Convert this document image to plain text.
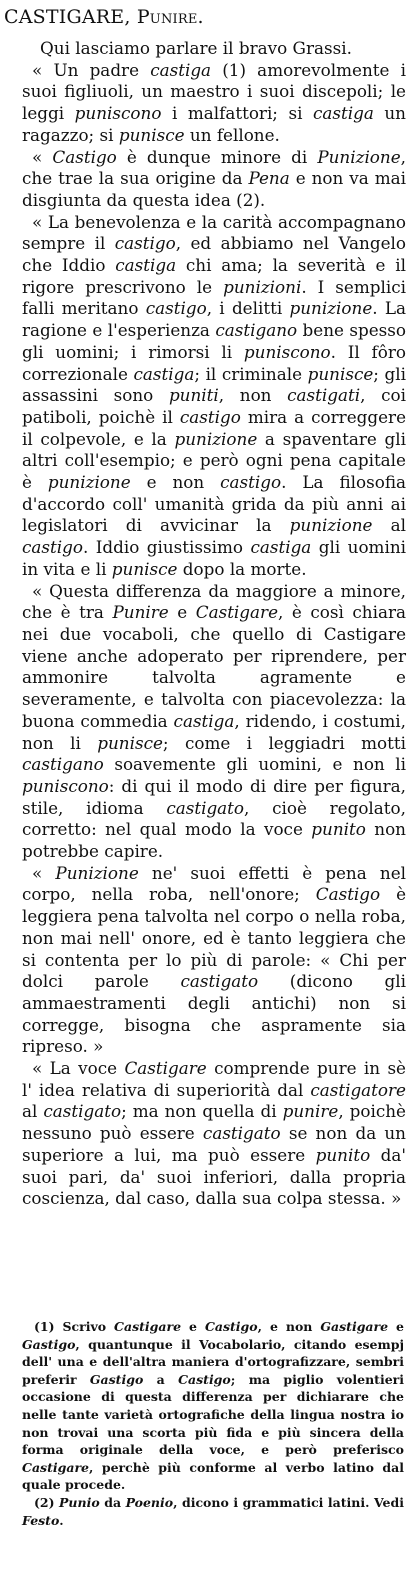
CASTIGARE, Punire.

Qui lasciamo parlare il bravo Grassi.

« Un padre castiga (1) amorevolmente i suoi figliuoli, un maestro i suoi discepoli; le leggi puniscono i malfattori; si castiga un ragazzo; si punisce un fellone.

« Castigo è dunque minore di Punizione, che trae la sua origine da Pena e non va mai disgiunta da questa idea (2).

« La benevolenza e la carità accompagnano sempre il castigo, ed abbiamo nel Vangelo che Iddio castiga chi ama; la severità e il rigore prescrivono le punizioni. I semplici falli meritano castigo, i delitti punizione. La ragione e l'esperienza castigano bene spesso gli uomini; i rimorsi li puniscono. Il fôro correzionale castiga; il criminale punisce; gli assassini sono puniti, non castigati, coi patiboli, poichè il castigo mira a correggere il colpevole, e la punizione a spaventare gli altri coll'esempio; e però ogni pena capitale è punizione e non castigo. La filosofia d'accordo coll' umanità grida da più anni ai legislatori di avvicinar la punizione al castigo. Iddio giustissimo castiga gli uomini in vita e li punisce dopo la morte.

« Questa differenza da maggiore a minore, che è tra Punire e Castigare, è così chiara nei due vocaboli, che quello di Castigare viene anche adoperato per riprendere, per ammonire talvolta agramente e severamente, e talvolta con piacevolezza: la buona commedia castiga, ridendo, i costumi, non li punisce; come i leggiadri motti castigano soavemente gli uomini, e non li puniscono: di qui il modo di dire per figura, stile, idioma castigato, cioè regolato, corretto: nel qual modo la voce punito non potrebbe capire.

« Punizione ne' suoi effetti è pena nel corpo, nella roba, nell'onore; Castigo è leggiera pena talvolta nel corpo o nella roba, non mai nell' onore, ed è tanto leggiera che si contenta per lo più di parole: « Chi per dolci parole castigato (dicono gli ammaestramenti degli antichi) non si corregge, bisogna che aspramente sia ripreso. »

« La voce Castigare comprende pure in sè l' idea relativa di superiorità dal castigatore al castigato; ma non quella di punire, poichè nessuno può essere castigato se non da un superiore a lui, ma può essere punito da' suoi pari, da' suoi inferiori, dalla propria coscienza, dal caso, dalla sua colpa stessa. »

(1) Scrivo Castigare e Castigo, e non Gastigare e Gastigo, quantunque il Vocabolario, citando esempj dell' una e dell'altra maniera d'ortografizzare, sembri preferir Gastigo a Castigo; ma piglio volentieri occasione di questa differenza per dichiarare che nelle tante varietà ortografiche della lingua nostra io non trovai una scorta più fida e più sincera della forma originale della voce, e però preferisco Castigare, perchè più conforme al verbo latino dal quale procede.

(2) Punio da Poenio, dicono i grammatici latini. Vedi Festo.
